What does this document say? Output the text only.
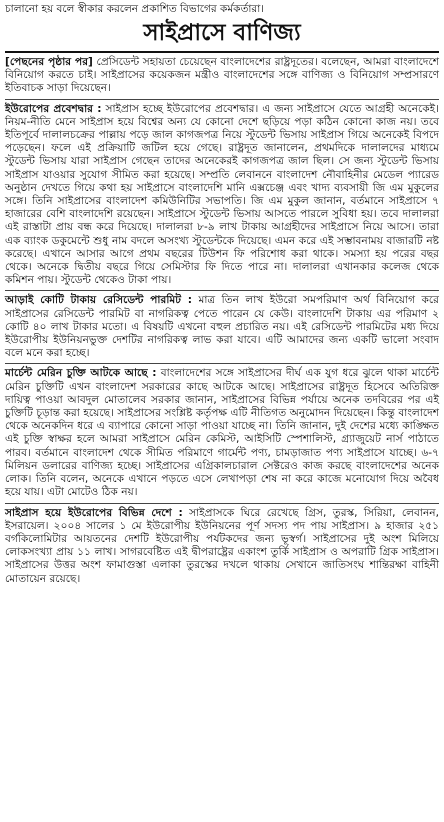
চালানো হয় বলে স্বীকার করলেন প্রকাশিত বিভাগের কর্মকর্তারা।
সাইপ্রাসে বাণিজ্য

[পেছনের পৃষ্ঠার পর] প্রেসিডেন্ট সহায়তা চেয়েছেন বাংলাদেশের রাষ্ট্রদূতের। বলেছেন, আমরা বাংলাদেশে বিনিয়োগ করতে চাই। সাইপ্রাসের কয়েকজন মন্ত্রীও বাংলাদেশের সঙ্গে বাণিজ্য ও বিনিয়োগ সম্প্রসারণে ইতিবাচক সাড়া দিয়েছেন।

ইউরোপের প্রবেশদ্বার : সাইপ্রাস হচ্ছে ইউরোপের প্রবেশদ্বার। এ জন্য সাইপ্রাসে যেতে আগ্রহী অনেকেই। নিয়ম-নীতি মেনে সাইপ্রাস হয়ে বিশ্বের অন্য যে কোনো দেশে ছড়িয়ে পড়া কঠিন কোনো কাজ নয়। তবে ইতিপূর্বে দালালচক্রের পাল্লায় পড়ে জাল কাগজপত্র নিয়ে স্টুডেন্ট ভিসায় সাইপ্রাস গিয়ে অনেকেই বিপদে পড়েছেন। ফলে এই প্রক্রিয়াটি জটিল হয়ে গেছে। রাষ্ট্রদূত জানালেন, প্রথমদিকে দালালদের মাধ্যমে স্টুডেন্ট ভিসায় যারা সাইপ্রাস গেছেন তাদের অনেকেরই কাগজপত্র জাল ছিল। সে জন্য স্টুডেন্ট ভিসায় সাইপ্রাস যাওয়ার সুযোগ সীমিত করা হয়েছে। সম্প্রতি লেবাননে বাংলাদেশ নৌবাহিনীর মেডেল প্যারেড অনুষ্ঠান দেখতে গিয়ে কথা হয় সাইপ্রাসে বাংলাদেশি মানি এক্সচেঞ্জ এবং খাদ্য ব্যবসায়ী জি এম মুকুলের সঙ্গে। তিনি সাইপ্রাসের বাংলাদেশ কমিউনিটির সভাপতি। জি এম মুকুল জানান, বর্তমানে সাইপ্রাসে ৭ হাজারের বেশি বাংলাদেশি রয়েছেন। সাইপ্রাসে স্টুডেন্ট ভিসায় আসতে পারলে সুবিধা হয়। তবে দালালরা এই রাস্তাটা প্রায় বন্ধ করে দিয়েছে। দালালরা ৮-৯ লাখ টাকায় আগ্রহীদের সাইপ্রাসে নিয়ে আসে। তারা এক ব্যাংক ডকুমেন্টে শুধু নাম বদলে অসংখ্য স্টুডেন্টকে দিয়েছে। এমন করে এই সম্ভাবনাময় বাজারটি নষ্ট করেছে। এখানে আসার আগে প্রথম বছরের টিউশন ফি পরিশোধ করা থাকে। সমস্যা হয় পরের বছর থেকে। অনেকে দ্বিতীয় বছরে গিয়ে সেমিস্টার ফি দিতে পারে না। দালালরা এখানকার কলেজ থেকে কমিশন পায়। স্টুডেন্ট থেকেও টাকা পায়।

আড়াই কোটি টাকায় রেসিডেন্ট পারমিট : মাত্র তিন লাখ ইউরো সমপরিমাণ অর্থ বিনিয়োগ করে সাইপ্রাসের রেসিডেন্ট পারমিট বা নাগরিকত্ব পেতে পারেন যে কেউ। বাংলাদেশি টাকায় এর পরিমাণ ২ কোটি ৪০ লাখ টাকার মতো। এ বিষয়টি এখনো বহুল প্রচারিত নয়। এই রেসিডেন্ট পারমিটের মধ্য দিয়ে ইউরোপীয় ইউনিয়নভুক্ত দেশটির নাগরিকত্ব লাভ করা যাবে। এটি আমাদের জন্য একটি ভালো সংবাদ বলে মনে করা হচ্ছে।

মার্চেন্ট মেরিন চুক্তি আটকে আছে : বাংলাদেশের সঙ্গে সাইপ্রাসের দীর্ঘ এক যুগ ধরে ঝুলে থাকা মার্চেন্ট মেরিন চুক্তিটি এখন বাংলাদেশ সরকারের কাছে আটকে আছে। সাইপ্রাসের রাষ্ট্রদূত হিসেবে অতিরিক্ত দায়িত্ব পাওয়া আবদুল মোতালেব সরকার জানান, সাইপ্রাসের বিভিন্ন পর্যায়ে অনেক তদবিরের পর এই চুক্তিটি চূড়ান্ত করা হয়েছে। সাইপ্রাসের সংশ্লিষ্ট কর্তৃপক্ষ এটি নীতিগত অনুমোদন দিয়েছেন। কিন্তু বাংলাদেশ থেকে অনেকদিন ধরে এ ব্যাপারে কোনো সাড়া পাওয়া যাচ্ছে না। তিনি জানান, দুই দেশের মধ্যে কাঙ্ক্ষিত এই চুক্তি স্বাক্ষর হলে আমরা সাইপ্রাসে মেরিন কেমিস্ট, আইসিটি স্পেশালিস্ট, গ্র্যাজুয়েট নার্স পাঠাতে পারব। বর্তমানে বাংলাদেশ থেকে সীমিত পরিমাণে গার্মেন্ট পণ্য, চামড়াজাত পণ্য সাইপ্রাসে যাচ্ছে। ৬-৭ মিলিয়ন ডলারের বাণিজ্য হচ্ছে। সাইপ্রাসের এগ্রিকালচারাল সেক্টরেও কাজ করছে বাংলাদেশের অনেক লোক। তিনি বলেন, অনেকে এখানে পড়তে এসে লেখাপড়া শেষ না করে কাজে মনোযোগ দিয়ে অবৈধ হয়ে যায়। এটা মোটেও ঠিক নয়।

সাইপ্রাস হয়ে ইউরোপের বিভিন্ন দেশে : সাইপ্রাসকে ঘিরে রেখেছে গ্রিস, তুরস্ক, সিরিয়া, লেবানন, ইসরায়েল। ২০০৪ সালের ১ মে ইউরোপীয় ইউনিয়নের পূর্ণ সদস্য পদ পায় সাইপ্রাস। ৯ হাজার ২৫১ বর্গকিলোমিটার আয়তনের দেশটি ইউরোপীয় পর্যটকদের জন্য ভূস্বর্গ। সাইপ্রাসের দুই অংশ মিলিয়ে লোকসংখ্যা প্রায় ১১ লাখ। সাগরবেষ্টিত এই দ্বীপরাষ্ট্রের একাংশ তুর্কি সাইপ্রাস ও অপরাটি গ্রিক সাইপ্রাস। সাইপ্রাসের উত্তর অংশ ফামাগুস্তা এলাকা তুরস্কের দখলে থাকায় সেখানে জাতিসংঘ শান্তিরক্ষা বাহিনী মোতায়েন রয়েছে।
